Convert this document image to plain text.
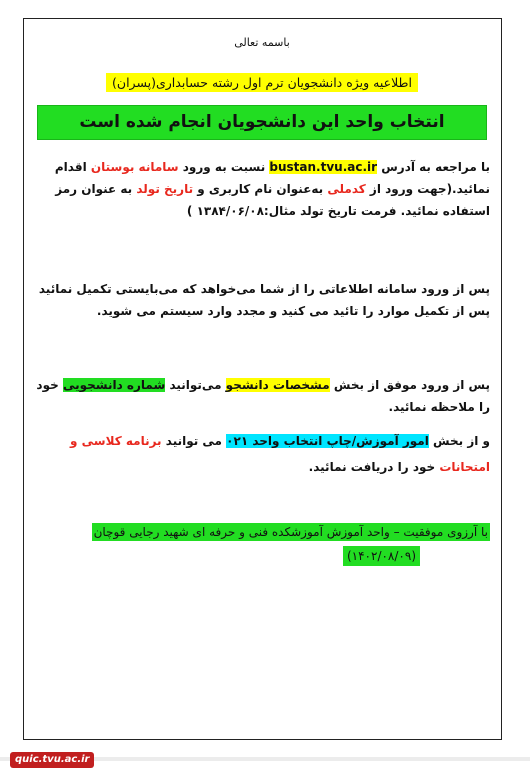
باسمه تعالی
اطلاعیه ویژه دانشجویان ترم اول رشته حسابداری(پسران)
انتخاب واحد این دانشجویان انجام شده است
با مراجعه به آدرس bustan.tvu.ac.ir نسبت به ورود سامانه بوستان اقدام نمائید.(جهت ورود از کدملی به‌عنوان نام کاربری و تاریخ تولد به عنوان رمز استفاده نمائید. فرمت تاریخ تولد مثال:۱۳۸۴/۰۶/۰۸ )
پس از ورود سامانه اطلاعاتی را از شما می‌خواهد که می‌بایستی تکمیل نمائید پس از تکمیل موارد را تائید می کنید و مجدد وارد سیستم می شوید.
پس از ورود موفق از بخش مشخصات دانشجو می‌توانید شماره دانشجویی خود را ملاحظه نمائید.
و از بخش امور آموزش/چاپ انتخاب واحد ۰۲۱ می توانید برنامه کلاسی و امتحانات خود را دریافت نمائید.
با آرزوی موفقیت – واحد آموزش آموزشکده فنی و حرفه ای شهید رجایی قوچان
(۱۴۰۲/۰۸/۰۹)
quic.tvu.ac.ir
